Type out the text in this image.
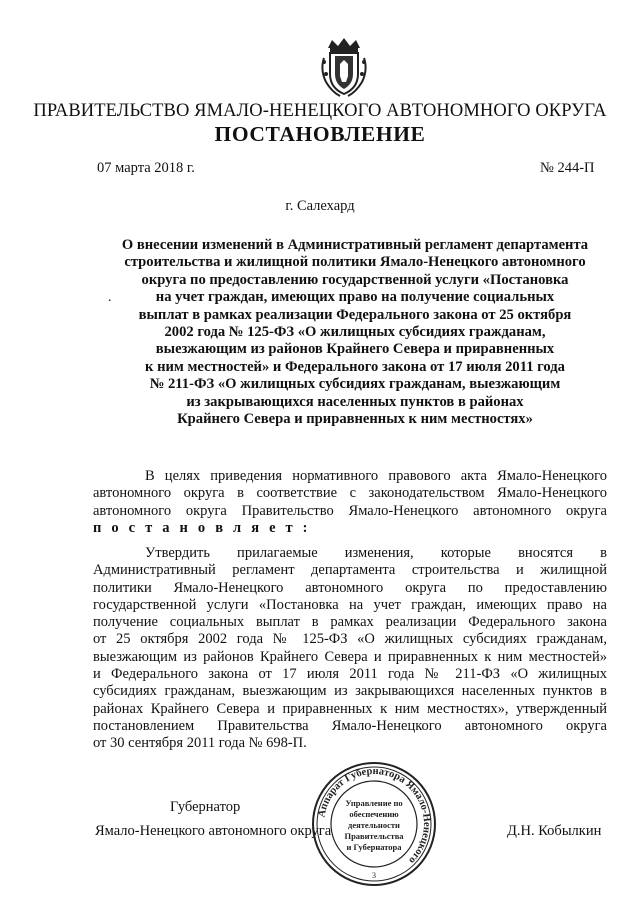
ПРАВИТЕЛЬСТВО ЯМАЛО-НЕНЕЦКОГО АВТОНОМНОГО ОКРУГА
ПОСТАНОВЛЕНИЕ
07 марта 2018 г.	№ 244-П
г. Салехард
.
О внесении изменений в Административный регламент департамента
строительства и жилищной политики Ямало-Ненецкого автономного
округа по предоставлению государственной услуги «Постановка
на учет граждан, имеющих право на получение социальных
выплат в рамках реализации Федерального закона от 25 октября
2002 года № 125-ФЗ «О жилищных субсидиях гражданам,
выезжающим из районов Крайнего Севера и приравненных
к ним местностей» и Федерального закона от 17 июля 2011 года
№ 211-ФЗ «О жилищных субсидиях гражданам, выезжающим
из закрывающихся населенных пунктов в районах
Крайнего Севера и приравненных к ним местностях»
В целях приведения нормативного правового акта Ямало-Ненецкого
автономного округа в соответствие с законодательством Ямало-Ненецкого
автономного округа Правительство Ямало-Ненецкого автономного округа
п о с т а н о в л я е т :
Утвердить прилагаемые изменения, которые вносятся в
Административный регламент департамента строительства и жилищной
политики Ямало-Ненецкого автономного округа по предоставлению
государственной услуги «Постановка на учет граждан, имеющих право на
получение социальных выплат в рамках реализации Федерального закона
от 25 октября 2002 года № 125-ФЗ «О жилищных субсидиях гражданам,
выезжающим из районов Крайнего Севера и приравненных к ним местностей»
и Федерального закона от 17 июля 2011 года № 211-ФЗ «О жилищных
субсидиях гражданам, выезжающим из закрывающихся населенных пунктов в
районах Крайнего Севера и приравненных к ним местностях», утвержденный
постановлением Правительства Ямало-Ненецкого автономного округа
от 30 сентября 2011 года № 698-П.
Губернатор
Ямало-Ненецкого автономного округа	Д.Н. Кобылкин
Аппарат Губернатора Ямало-Ненецкого
Управление по
обеспечению
деятельности
Правительства
и Губернатора
3
